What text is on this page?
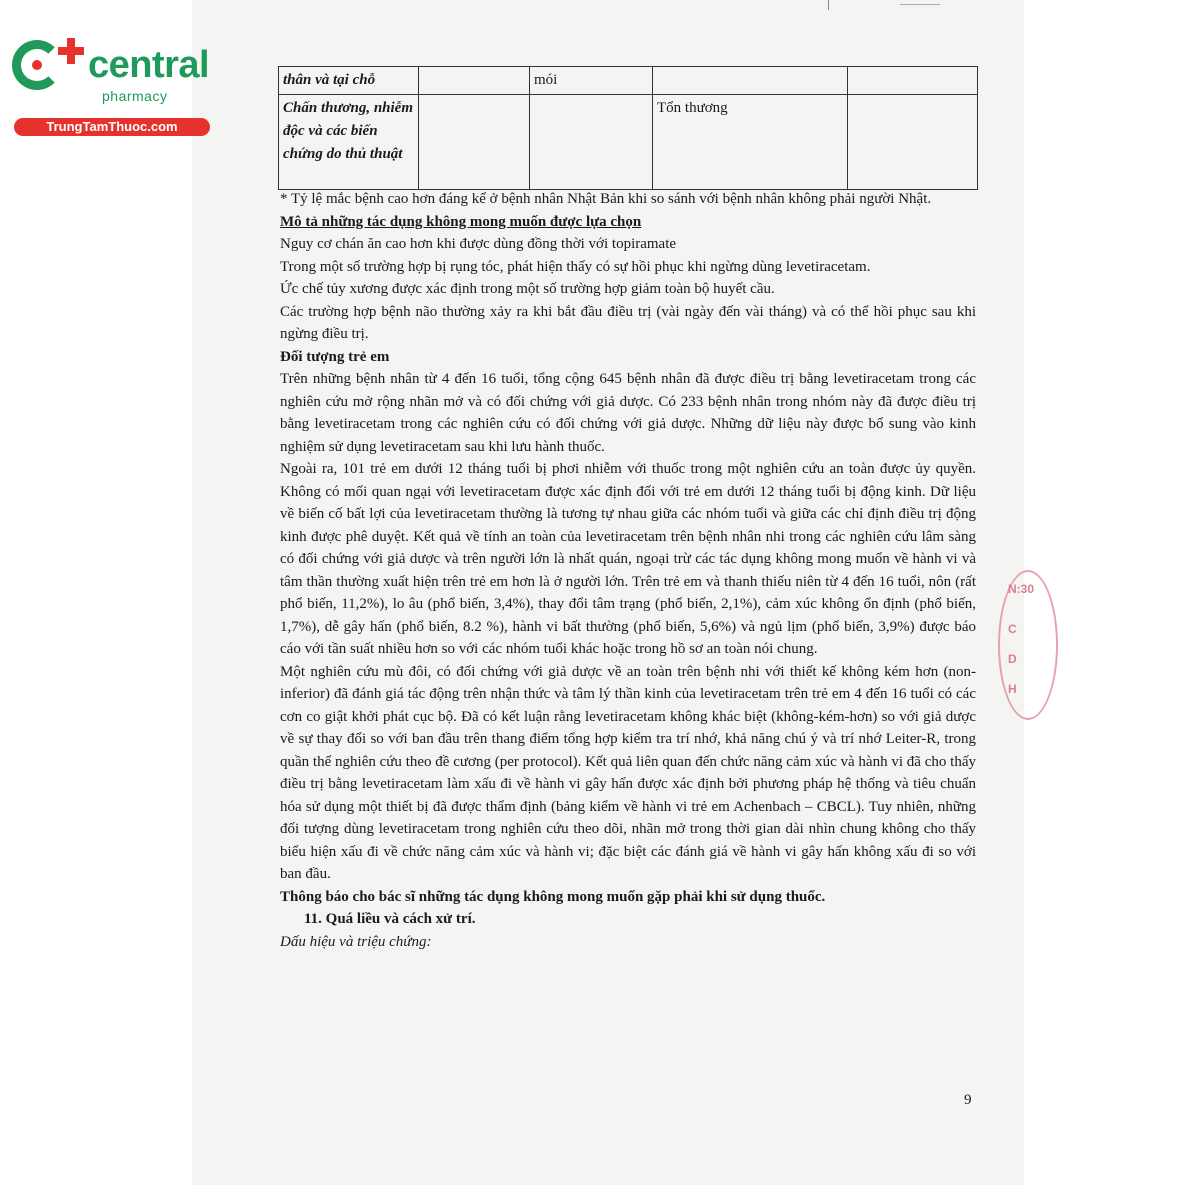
central
pharmacy
TrungTamThuoc.com
thân và tại chỗ		mói		
Chấn thương, nhiễm độc và các biến chứng do thủ thuật			Tổn thương	

* Tỷ lệ mắc bệnh cao hơn đáng kể ở bệnh nhân Nhật Bản khi so sánh với bệnh nhân không phải người Nhật.

Mô tả những tác dụng không mong muốn được lựa chọn

Nguy cơ chán ăn cao hơn khi được dùng đồng thời với topiramate

Trong một số trường hợp bị rụng tóc, phát hiện thấy có sự hồi phục khi ngừng dùng levetiracetam.

Ức chế tủy xương được xác định trong một số trường hợp giảm toàn bộ huyết cầu.

Các trường hợp bệnh não thường xảy ra khi bắt đầu điều trị (vài ngày đến vài tháng) và có thể hồi phục sau khi ngừng điều trị.

Đối tượng trẻ em

Trên những bệnh nhân từ 4 đến 16 tuổi, tổng cộng 645 bệnh nhân đã được điều trị bằng levetiracetam trong các nghiên cứu mở rộng nhãn mở và có đối chứng với giả dược. Có 233 bệnh nhân trong nhóm này đã được điều trị bằng levetiracetam trong các nghiên cứu có đối chứng với giả dược. Những dữ liệu này được bổ sung vào kinh nghiệm sử dụng levetiracetam sau khi lưu hành thuốc.

Ngoài ra, 101 trẻ em dưới 12 tháng tuổi bị phơi nhiễm với thuốc trong một nghiên cứu an toàn được ủy quyền. Không có mối quan ngại với levetiracetam được xác định đối với trẻ em dưới 12 tháng tuổi bị động kinh. Dữ liệu về biến cố bất lợi của levetiracetam thường là tương tự nhau giữa các nhóm tuổi và giữa các chỉ định điều trị động kinh được phê duyệt. Kết quả về tính an toàn của levetiracetam trên bệnh nhân nhi trong các nghiên cứu lâm sàng có đối chứng với giả dược và trên người lớn là nhất quán, ngoại trừ các tác dụng không mong muốn về hành vi và tâm thần thường xuất hiện trên trẻ em hơn là ở người lớn. Trên trẻ em và thanh thiếu niên từ 4 đến 16 tuổi, nôn (rất phổ biến, 11,2%), lo âu (phổ biến, 3,4%), thay đổi tâm trạng (phổ biến, 2,1%), cảm xúc không ổn định (phổ biến, 1,7%), dễ gây hấn (phổ biến, 8.2 %), hành vi bất thường (phổ biến, 5,6%) và ngủ lịm (phổ biến, 3,9%) được báo cáo với tần suất nhiều hơn so với các nhóm tuổi khác hoặc trong hồ sơ an toàn nói chung.

Một nghiên cứu mù đôi, có đối chứng với giả dược về an toàn trên bệnh nhi với thiết kế không kém hơn (non-inferior) đã đánh giá tác động trên nhận thức và tâm lý thần kinh của levetiracetam trên trẻ em 4 đến 16 tuổi có các cơn co giật khởi phát cục bộ. Đã có kết luận rằng levetiracetam không khác biệt (không-kém-hơn) so với giả dược về sự thay đổi so với ban đầu trên thang điểm tổng hợp kiểm tra trí nhớ, khả năng chú ý và trí nhớ Leiter-R, trong quần thể nghiên cứu theo đề cương (per protocol). Kết quả liên quan đến chức năng cảm xúc và hành vi đã cho thấy điều trị bằng levetiracetam làm xấu đi về hành vi gây hấn được xác định bởi phương pháp hệ thống và tiêu chuẩn hóa sử dụng một thiết bị đã được thẩm định (bảng kiểm về hành vi trẻ em Achenbach – CBCL). Tuy nhiên, những đối tượng dùng levetiracetam trong nghiên cứu theo dõi, nhãn mở trong thời gian dài nhìn chung không cho thấy biểu hiện xấu đi về chức năng cảm xúc và hành vi; đặc biệt các đánh giá về hành vi gây hấn không xấu đi so với ban đầu.

Thông báo cho bác sĩ những tác dụng không mong muốn gặp phải khi sử dụng thuốc.

11. Quá liều và cách xử trí.

Dấu hiệu và triệu chứng:

9
N:30
C
D
H
